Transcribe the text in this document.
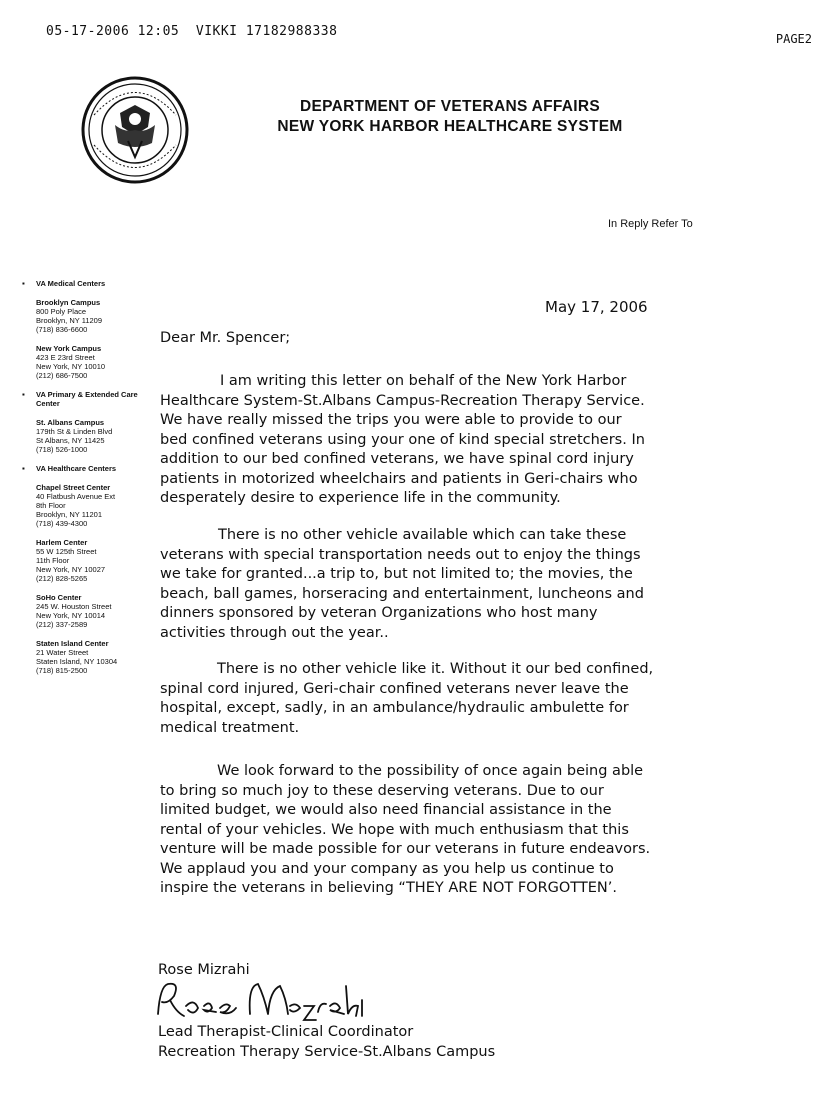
05-17-2006 12:05  VIKKI 17182988338	PAGE2
DEPARTMENT OF VETERANS AFFAIRS
NEW YORK HARBOR HEALTHCARE SYSTEM
In Reply Refer To
▪ VA Medical Centers
Brooklyn Campus
800 Poly Place
Brooklyn, NY 11209
(718) 836-6600
New York Campus
423 E 23rd Street
New York, NY 10010
(212) 686-7500
▪ VA Primary & Extended Care Center
St. Albans Campus
179th St & Linden Blvd
St Albans, NY 11425
(718) 526-1000
▪ VA Healthcare Centers
Chapel Street Center
40 Flatbush Avenue Ext
8th Floor
Brooklyn, NY 11201
(718) 439-4300
Harlem Center
55 W 125th Street
11th Floor
New York, NY 10027
(212) 828-5265
SoHo Center
245 W. Houston Street
New York, NY 10014
(212) 337-2589
Staten Island Center
21 Water Street
Staten Island, NY 10304
(718) 815-2500
May 17, 2006
Dear Mr. Spencer;
I am writing this letter on behalf of the New York Harbor
Healthcare System-St.Albans Campus-Recreation Therapy Service.
We have really missed the trips you were able to provide to our
bed confined veterans using your one of kind special stretchers. In
addition to our bed confined veterans, we have spinal cord injury
patients in motorized wheelchairs and patients in Geri-chairs who
desperately desire to experience life in the community.
There is no other vehicle available which can take these
veterans with special transportation needs out to enjoy the things
we take for granted...a trip to, but not limited to; the movies, the
beach, ball games, horseracing and entertainment, luncheons and
dinners sponsored by veteran Organizations who host many
activities through out the year..
There is no other vehicle like it. Without it our bed confined,
spinal cord injured, Geri-chair confined veterans never leave the
hospital, except, sadly, in an ambulance/hydraulic ambulette for
medical treatment.
We look forward to the possibility of once again being able
to bring so much joy to these deserving veterans. Due to our
limited budget, we would also need financial assistance in the
rental of your vehicles. We hope with much enthusiasm that this
venture will be made possible for our veterans in future endeavors.
We applaud you and your company as you help us continue to
inspire the veterans in believing “THEY ARE NOT FORGOTTEN’.
Rose Mizrahi
Lead Therapist-Clinical Coordinator
Recreation Therapy Service-St.Albans Campus
